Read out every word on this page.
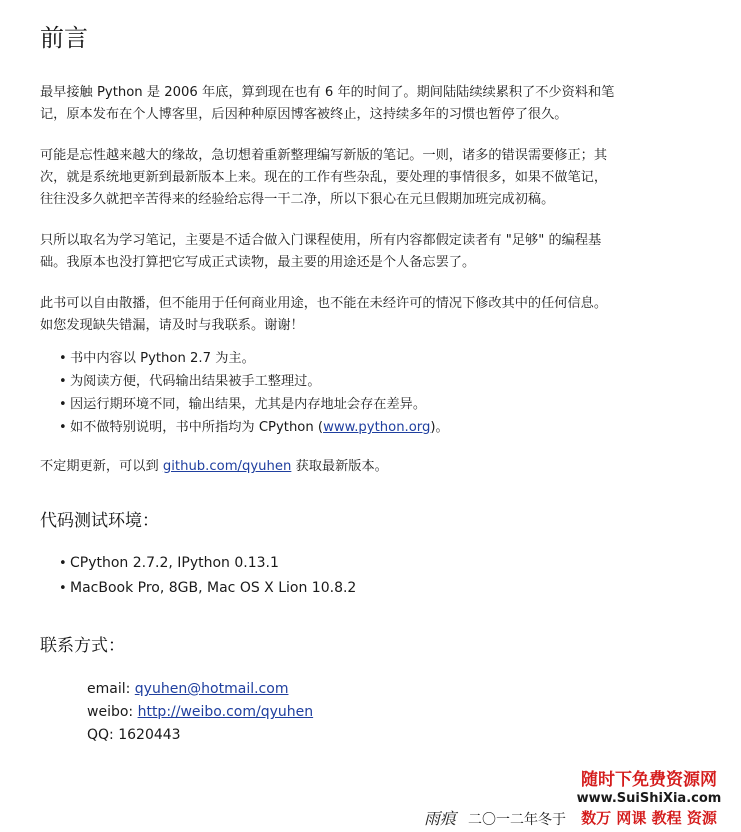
前言

最早接触 Python 是 2006 年底，算到现在也有 6 年的时间了。期间陆陆续续累积了不少资料和笔
记，原本发布在个人博客里，后因种种原因博客被终止，这持续多年的习惯也暂停了很久。

可能是忘性越来越大的缘故，急切想着重新整理编写新版的笔记。一则，诸多的错误需要修正；其
次，就是系统地更新到最新版本上来。现在的工作有些杂乱，要处理的事情很多，如果不做笔记，
往往没多久就把辛苦得来的经验给忘得一干二净，所以下狠心在元旦假期加班完成初稿。

只所以取名为学习笔记，主要是不适合做入门课程使用，所有内容都假定读者有 "足够" 的编程基
础。我原本也没打算把它写成正式读物，最主要的用途还是个人备忘罢了。

此书可以自由散播，但不能用于任何商业用途，也不能在未经许可的情况下修改其中的任何信息。
如您发现缺失错漏，请及时与我联系。谢谢！

• 书中内容以 Python 2.7 为主。
• 为阅读方便，代码输出结果被手工整理过。
• 因运行期环境不同，输出结果，尤其是内存地址会存在差异。
• 如不做特别说明，书中所指均为 CPython (www.python.org)。

不定期更新，可以到 github.com/qyuhen 获取最新版本。

代码测试环境：
• CPython 2.7.2, IPython 0.13.1
• MacBook Pro, 8GB, Mac OS X Lion 10.8.2
联系方式：
email: qyuhen@hotmail.com
weibo: http://weibo.com/qyuhen
QQ: 1620443
雨痕 二〇一二年冬于
随时下免费资源网
www.SuiShiXia.com
数万 网课 教程 资源
